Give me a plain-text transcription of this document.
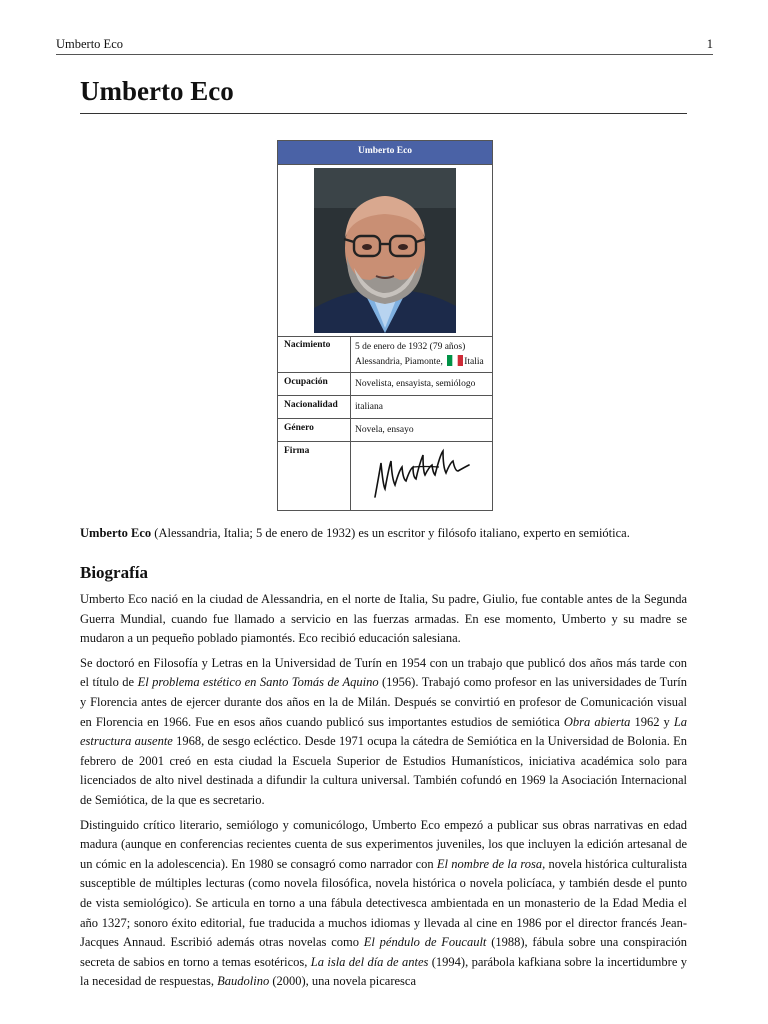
Umberto Eco	1
Umberto Eco
Umberto Eco
Nacimiento	5 de enero de 1932 (79 años)
Alessandria, Piamonte, Italia
Ocupación	Novelista, ensayista, semiólogo
Nacionalidad	italiana
Género	Novela, ensayo
Firma

Umberto Eco (Alessandria, Italia; 5 de enero de 1932) es un escritor y filósofo italiano, experto en semiótica.

Biografía

Umberto Eco nació en la ciudad de Alessandria, en el norte de Italia, Su padre, Giulio, fue contable antes de la Segunda Guerra Mundial, cuando fue llamado a servicio en las fuerzas armadas. En ese momento, Umberto y su madre se mudaron a un pequeño poblado piamontés. Eco recibió educación salesiana.

Se doctoró en Filosofía y Letras en la Universidad de Turín en 1954 con un trabajo que publicó dos años más tarde con el título de El problema estético en Santo Tomás de Aquino (1956). Trabajó como profesor en las universidades de Turín y Florencia antes de ejercer durante dos años en la de Milán. Después se convirtió en profesor de Comunicación visual en Florencia en 1966. Fue en esos años cuando publicó sus importantes estudios de semiótica Obra abierta 1962 y La estructura ausente 1968, de sesgo ecléctico. Desde 1971 ocupa la cátedra de Semiótica en la Universidad de Bolonia. En febrero de 2001 creó en esta ciudad la Escuela Superior de Estudios Humanísticos, iniciativa académica solo para licenciados de alto nivel destinada a difundir la cultura universal. También cofundó en 1969 la Asociación Internacional de Semiótica, de la que es secretario.

Distinguido crítico literario, semiólogo y comunicólogo, Umberto Eco empezó a publicar sus obras narrativas en edad madura (aunque en conferencias recientes cuenta de sus experimentos juveniles, los que incluyen la edición artesanal de un cómic en la adolescencia). En 1980 se consagró como narrador con El nombre de la rosa, novela histórica culturalista susceptible de múltiples lecturas (como novela filosófica, novela histórica o novela policíaca, y también desde el punto de vista semiológico). Se articula en torno a una fábula detectivesca ambientada en un monasterio de la Edad Media el año 1327; sonoro éxito editorial, fue traducida a muchos idiomas y llevada al cine en 1986 por el director francés Jean-Jacques Annaud. Escribió además otras novelas como El péndulo de Foucault (1988), fábula sobre una conspiración secreta de sabios en torno a temas esotéricos, La isla del día de antes (1994), parábola kafkiana sobre la incertidumbre y la necesidad de respuestas, Baudolino (2000), una novela picaresca
